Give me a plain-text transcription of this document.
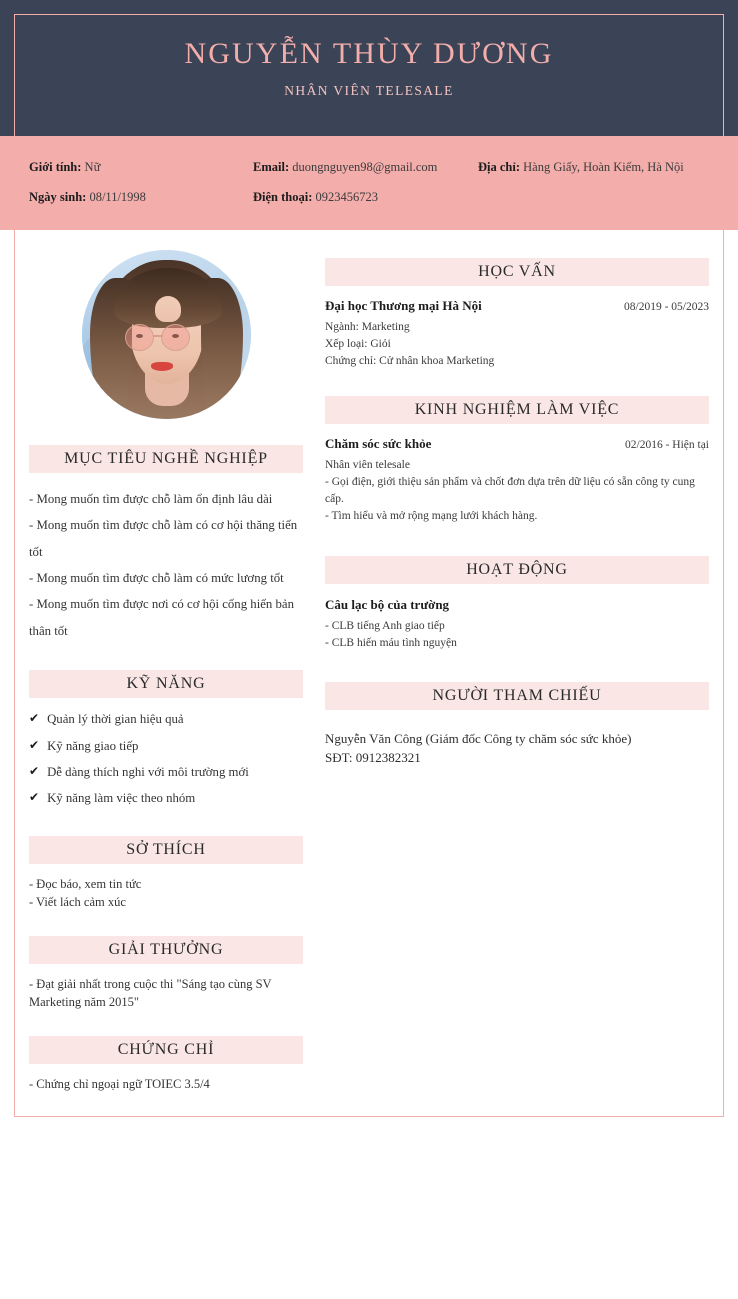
NGUYỄN THÙY DƯƠNG
NHÂN VIÊN TELESALE
Giới tính: Nữ
Ngày sinh: 08/11/1998
Email: duongnguyen98@gmail.com
Điện thoại: 0923456723
Địa chỉ: Hàng Giấy, Hoàn Kiếm, Hà Nội
MỤC TIÊU NGHỀ NGHIỆP
- Mong muốn tìm được chỗ làm ổn định lâu dài
- Mong muốn tìm được chỗ làm có cơ hội thăng tiến tốt
- Mong muốn tìm được chỗ làm có mức lương tốt
- Mong muốn tìm được nơi có cơ hội cống hiến bản thân tốt
KỸ NĂNG
✔ Quản lý thời gian hiệu quả
✔ Kỹ năng giao tiếp
✔ Dễ dàng thích nghi với môi trường mới
✔ Kỹ năng làm việc theo nhóm
SỞ THÍCH
- Đọc báo, xem tin tức
- Viết lách cảm xúc
GIẢI THƯỞNG
- Đạt giải nhất trong cuộc thi "Sáng tạo cùng SV Marketing năm 2015"
CHỨNG CHỈ
- Chứng chỉ ngoại ngữ TOIEC 3.5/4
HỌC VẤN
Đại học Thương mại Hà Nội	08/2019 - 05/2023
Ngành: Marketing
Xếp loại: Giỏi
Chứng chỉ: Cử nhân khoa Marketing
KINH NGHIỆM LÀM VIỆC
Chăm sóc sức khỏe	02/2016 - Hiện tại
Nhân viên telesale
- Gọi điện, giới thiệu sản phẩm và chốt đơn dựa trên dữ liệu có sẵn công ty cung cấp.
- Tìm hiểu và mở rộng mạng lưới khách hàng.
HOẠT ĐỘNG
Câu lạc bộ của trường
- CLB tiếng Anh giao tiếp
- CLB hiến máu tình nguyện
NGƯỜI THAM CHIẾU
Nguyễn Văn Công (Giám đốc Công ty chăm sóc sức khỏe)
SĐT: 0912382321
